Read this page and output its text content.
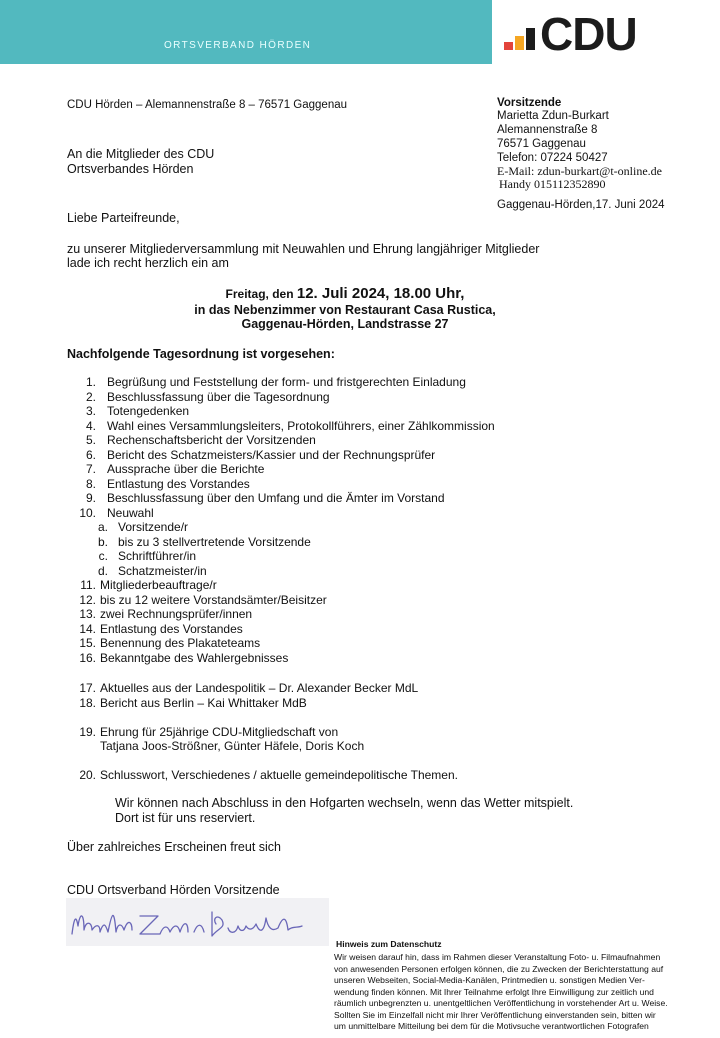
ORTSVERBAND HÖRDEN	CDU
CDU Hörden – Alemannenstraße 8 – 76571 Gaggenau	Vorsitzende
Marietta Zdun-Burkart
Alemannenstraße 8
76571 Gaggenau
Telefon: 07224 50427
E-Mail: zdun-burkart@t-online.de
Handy 015112352890
Gaggenau-Hörden,17. Juni 2024
An die Mitglieder des CDU
Ortsverbandes Hörden
Liebe Parteifreunde,
zu unserer Mitgliederversammlung mit Neuwahlen und Ehrung langjähriger Mitglieder
lade ich recht herzlich ein am
Freitag, den 12. Juli 2024, 18.00 Uhr,
in das Nebenzimmer von Restaurant Casa Rustica,
Gaggenau-Hörden, Landstrasse 27
Nachfolgende Tagesordnung ist vorgesehen:
1. Begrüßung und Feststellung der form- und fristgerechten Einladung
2. Beschlussfassung über die Tagesordnung
3. Totengedenken
4. Wahl eines Versammlungsleiters, Protokollführers, einer Zählkommission
5. Rechenschaftsbericht der Vorsitzenden
6. Bericht des Schatzmeisters/Kassier und der Rechnungsprüfer
7. Aussprache über die Berichte
8. Entlastung des Vorstandes
9. Beschlussfassung über den Umfang und die Ämter im Vorstand
10. Neuwahl
a. Vorsitzende/r
b. bis zu 3 stellvertretende Vorsitzende
c. Schriftführer/in
d. Schatzmeister/in
11. Mitgliederbeauftrage/r
12. bis zu 12 weitere Vorstandsämter/Beisitzer
13. zwei Rechnungsprüfer/innen
14. Entlastung des Vorstandes
15. Benennung des Plakateteams
16. Bekanntgabe des Wahlergebnisses
17. Aktuelles aus der Landespolitik – Dr. Alexander Becker MdL
18. Bericht aus Berlin – Kai Whittaker MdB
19. Ehrung für 25jährige CDU-Mitgliedschaft von
Tatjana Joos-Strößner, Günter Häfele, Doris Koch
20. Schlusswort, Verschiedenes / aktuelle gemeindepolitische Themen.
Wir können nach Abschluss in den Hofgarten wechseln, wenn das Wetter mitspielt.
Dort ist für uns reserviert.
Über zahlreiches Erscheinen freut sich
CDU Ortsverband Hörden Vorsitzende
Marietta Zdun-Burkart	Hinweis zum Datenschutz
Wir weisen darauf hin, dass im Rahmen dieser Veranstaltung Foto- u. Filmaufnahmen
von anwesenden Personen erfolgen können, die zu Zwecken der Berichterstattung auf
unseren Webseiten, Social-Media-Kanälen, Printmedien u. sonstigen Medien Ver-
wendung finden können. Mit Ihrer Teilnahme erfolgt Ihre Einwilligung zur zeitlich und
räumlich unbegrenzten u. unentgeltlichen Veröffentlichung in vorstehender Art u. Weise.
Sollten Sie im Einzelfall nicht mir Ihrer Veröffentlichung einverstanden sein, bitten wir
um unmittelbare Mitteilung bei dem für die Motivsuche verantwortlichen Fotografen
